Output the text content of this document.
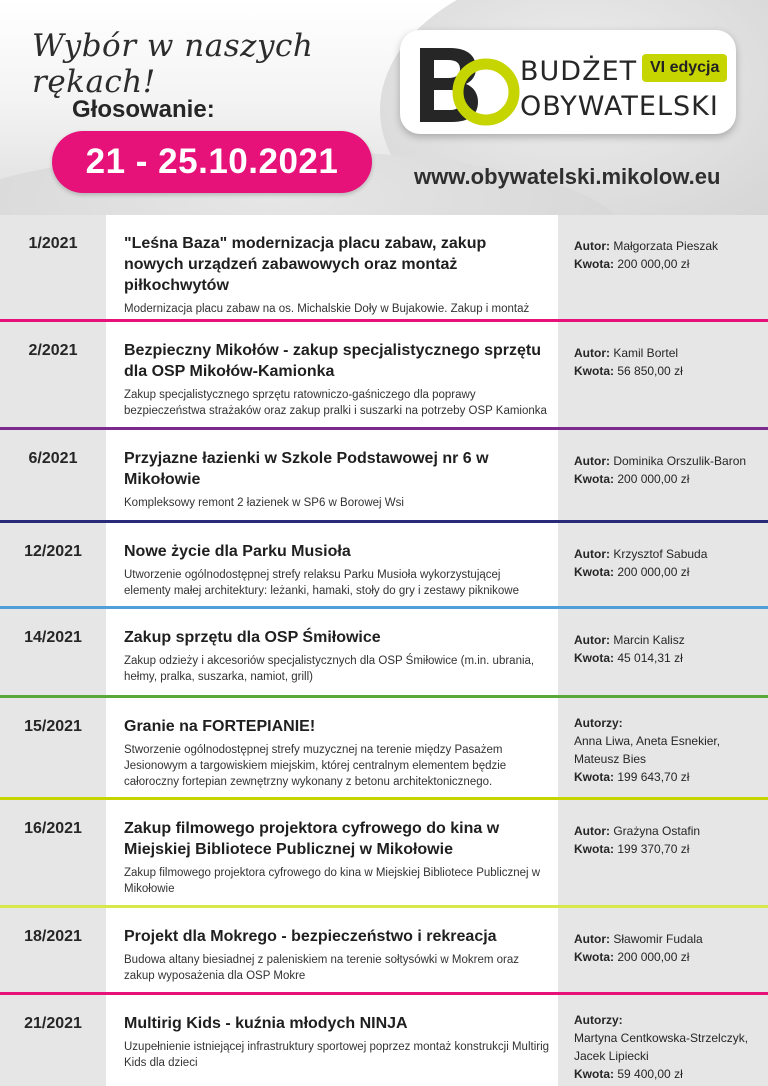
Wybór w naszych rękach!
Głosowanie:
21 - 25.10.2021
BUDŻET
OBYWATELSKI
VI edycja
www.obywatelski.mikolow.eu
1/2021	"Leśna Baza" modernizacja placu zabaw, zakup nowych urządzeń zabawowych oraz montaż piłkochwytów
Modernizacja placu zabaw na os. Michalskie Doły w Bujakowie. Zakup i montaż
Autor: Małgorzata Pieszak
Kwota: 200 000,00 zł
2/2021	Bezpieczny Mikołów - zakup specjalistycznego sprzętu dla OSP Mikołów-Kamionka
Zakup specjalistycznego sprzętu ratowniczo-gaśniczego dla poprawy bezpieczeństwa strażaków oraz zakup pralki i suszarki na potrzeby OSP Kamionka
Autor: Kamil Bortel
Kwota: 56 850,00 zł
6/2021	Przyjazne łazienki w Szkole Podstawowej nr 6 w Mikołowie
Kompleksowy remont 2 łazienek w SP6 w Borowej Wsi
Autor: Dominika Orszulik-Baron
Kwota: 200 000,00 zł
12/2021	Nowe życie dla Parku Musioła
Utworzenie ogólnodostępnej strefy relaksu Parku Musioła wykorzystującej elementy małej architektury: leżanki, hamaki, stoły do gry i zestawy piknikowe
Autor: Krzysztof Sabuda
Kwota: 200 000,00 zł
14/2021	Zakup sprzętu dla OSP Śmiłowice
Zakup odzieży i akcesoriów specjalistycznych dla OSP Śmiłowice (m.in. ubrania, hełmy, pralka, suszarka, namiot, grill)
Autor: Marcin Kalisz
Kwota: 45 014,31 zł
15/2021	Granie na FORTEPIANIE!
Stworzenie ogólnodostępnej strefy muzycznej na terenie między Pasażem Jesionowym a targowiskiem miejskim, której centralnym elementem będzie całoroczny fortepian zewnętrzny wykonany z betonu architektonicznego.
Autorzy:
Anna Liwa, Aneta Esnekier, Mateusz Bies
Kwota: 199 643,70 zł
16/2021	Zakup filmowego projektora cyfrowego do kina w Miejskiej Bibliotece Publicznej w Mikołowie
Zakup filmowego projektora cyfrowego do kina w Miejskiej Bibliotece Publicznej w Mikołowie
Autor: Grażyna Ostafin
Kwota: 199 370,70 zł
18/2021	Projekt dla Mokrego - bezpieczeństwo i rekreacja
Budowa altany biesiadnej z paleniskiem na terenie sołtysówki w Mokrem oraz zakup wyposażenia dla OSP Mokre
Autor: Sławomir Fudala
Kwota: 200 000,00 zł
21/2021	Multirig Kids - kuźnia młodych NINJA
Uzupełnienie istniejącej infrastruktury sportowej poprzez montaż konstrukcji Multirig Kids dla dzieci
Autorzy:
Martyna Centkowska-Strzelczyk, Jacek Lipiecki
Kwota: 59 400,00 zł
